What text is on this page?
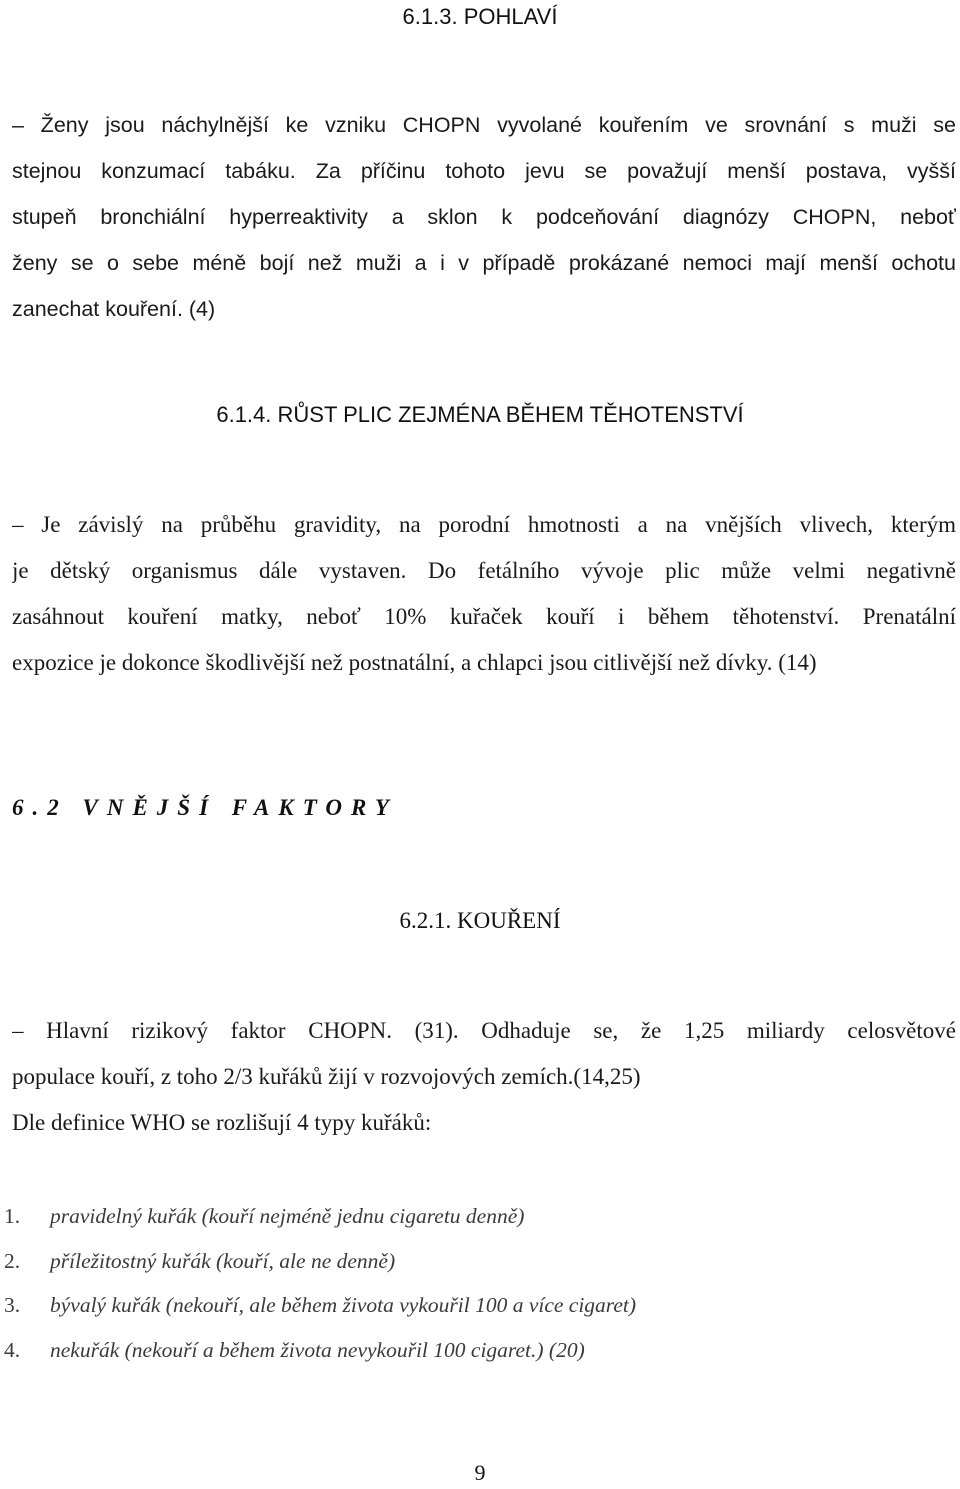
6.1.3. POHLAVÍ
– Ženy jsou náchylnější ke vzniku CHOPN vyvolané kouřením ve srovnání s muži se
stejnou konzumací tabáku. Za příčinu tohoto jevu se považují menší postava, vyšší
stupeň bronchiální hyperreaktivity a sklon k podceňování diagnózy CHOPN, neboť
ženy se o sebe méně bojí než muži a i v případě prokázané nemoci mají menší ochotu
zanechat kouření. (4)
6.1.4. RŮST PLIC ZEJMÉNA BĚHEM TĚHOTENSTVÍ
– Je závislý na průběhu gravidity, na porodní hmotnosti a na vnějších vlivech, kterým
je dětský organismus dále vystaven. Do fetálního vývoje plic může velmi negativně
zasáhnout kouření matky, neboť 10% kuřaček kouří i během těhotenství. Prenatální
expozice je dokonce škodlivější než postnatální, a chlapci jsou citlivější než dívky. (14)
6.2 VNĚJŠÍ FAKTORY
6.2.1. KOUŘENÍ
– Hlavní rizikový faktor CHOPN. (31). Odhaduje se, že 1,25 miliardy celosvětové
populace kouří, z toho 2/3 kuřáků žijí v rozvojových zemích.(14,25)
Dle definice WHO se rozlišují 4 typy kuřáků:
1. pravidelný kuřák (kouří nejméně jednu cigaretu denně)
2. příležitostný kuřák (kouří, ale ne denně)
3. bývalý kuřák (nekouří, ale během života vykouřil 100 a více cigaret)
4. nekuřák (nekouří a během života nevykouřil 100 cigaret.) (20)
9
